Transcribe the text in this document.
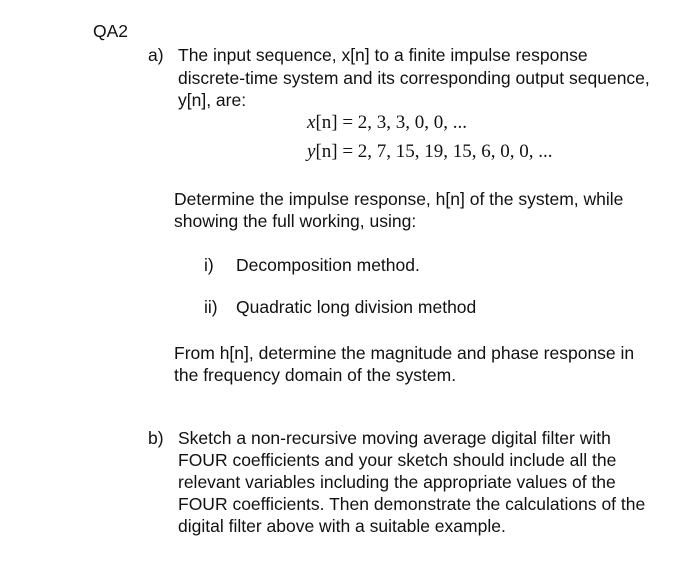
QA2
a) The input sequence, x[n] to a finite impulse response
discrete-time system and its corresponding output sequence,
y[n], are:
x[n] = 2, 3, 3, 0, 0, ...
y[n] = 2, 7, 15, 19, 15, 6, 0, 0, ...
Determine the impulse response, h[n] of the system, while
showing the full working, using:
i) Decomposition method.
ii) Quadratic long division method
From h[n], determine the magnitude and phase response in
the frequency domain of the system.
b) Sketch a non-recursive moving average digital filter with
FOUR coefficients and your sketch should include all the
relevant variables including the appropriate values of the
FOUR coefficients. Then demonstrate the calculations of the
digital filter above with a suitable example.
